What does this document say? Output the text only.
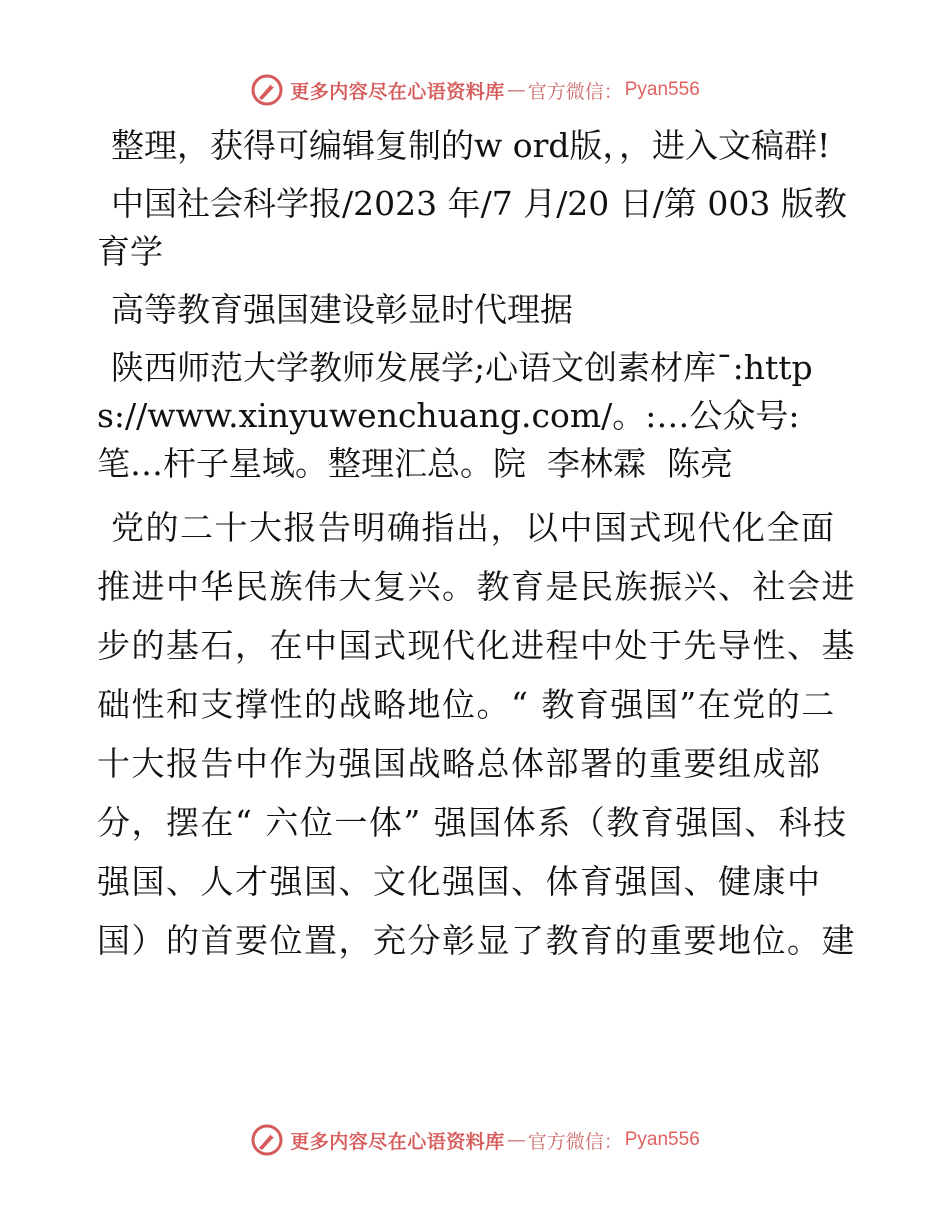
更多内容尽在心语资料库 — 官方微信： Pyan556

整理，获得可编辑复制的w ord版，，进入文稿群!

中国社会科学报/2023 年/7 月/20 日/第 003 版教育学

高等教育强国建设彰显时代理据

陕西师范大学教师发展学;心语文创素材库¯:https://www.xinyuwenchuang.com/。:…公众号:笔…杆子星域。整理汇总。院  李林霖  陈亮

党的二十大报告明确指出，以中国式现代化全面推进中华民族伟大复兴。教育是民族振兴、社会进步的基石，在中国式现代化进程中处于先导性、基础性和支撑性的战略地位。“ 教育强国”在党的二十大报告中作为强国战略总体部署的重要组成部分，摆在“ 六位一体” 强国体系（教育强国、科技强国、人才强国、文化强国、体育强国、健康中国）的首要位置，充分彰显了教育的重要地位。建

更多内容尽在心语资料库 — 官方微信： Pyan556
